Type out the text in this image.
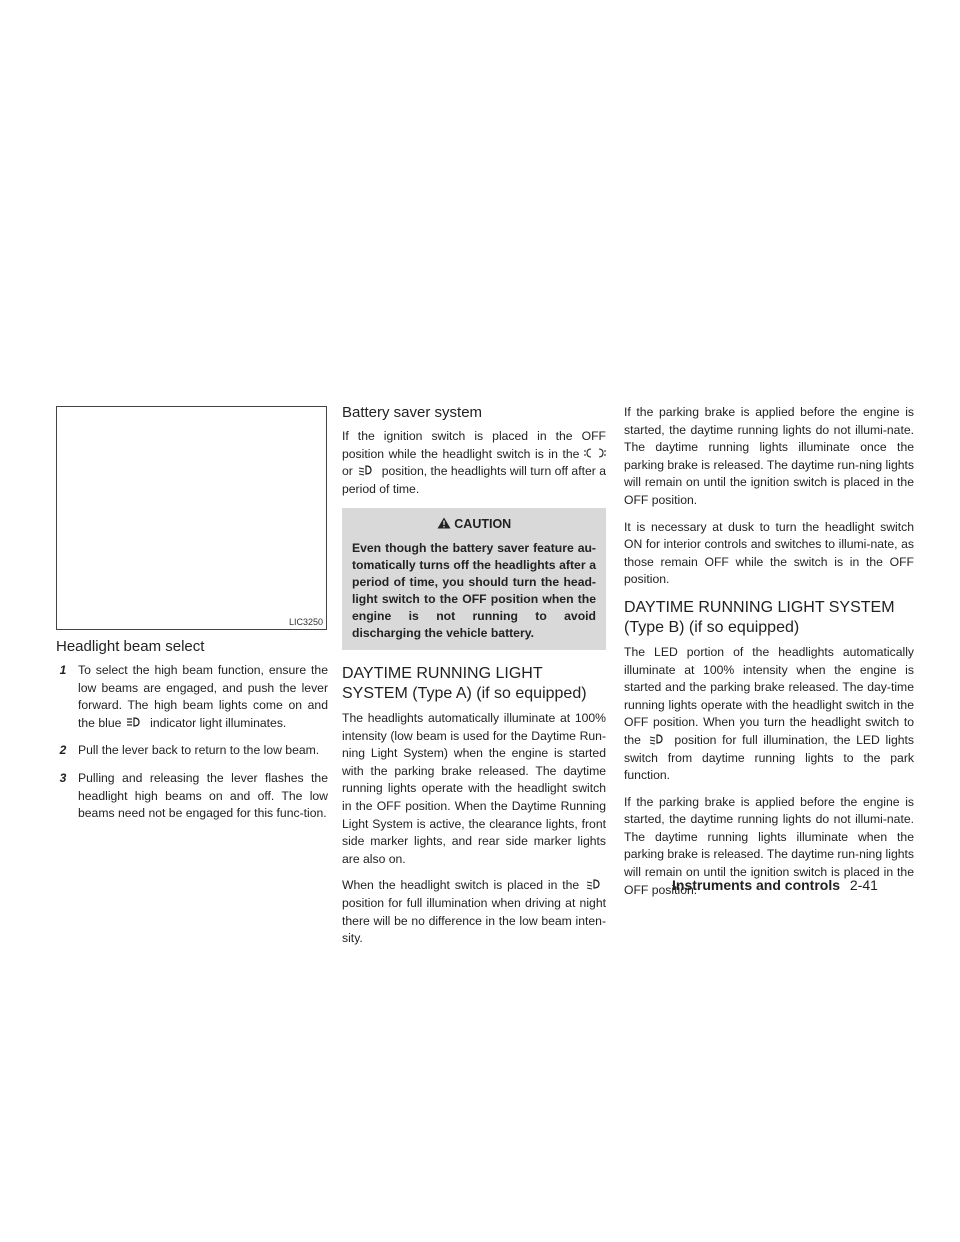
LIC3250
Headlight beam select
1 To select the high beam function, ensure the low beams are engaged, and push the lever forward. The high beam lights come on and the blue indicator light illuminates.
2 Pull the lever back to return to the low beam.
3 Pulling and releasing the lever flashes the headlight high beams on and off. The low beams need not be engaged for this func-tion.
Battery saver system

If the ignition switch is placed in the OFF position while the headlight switch is in the  or position, the headlights will turn off after a period of time.

CAUTION
Even though the battery saver feature au-tomatically turns off the headlights after a period of time, you should turn the head-light switch to the OFF position when the engine is not running to avoid discharging the vehicle battery.
DAYTIME RUNNING LIGHT SYSTEM (Type A) (if so equipped)

The headlights automatically illuminate at 100% intensity (low beam is used for the Daytime Run-ning Light System) when the engine is started with the parking brake released. The daytime running lights operate with the headlight switch in the OFF position. When the Daytime Running Light System is active, the clearance lights, front side marker lights, and rear side marker lights are also on.

When the headlight switch is placed in the  position for full illumination when driving at night there will be no difference in the low beam inten-sity.

If the parking brake is applied before the engine is started, the daytime running lights do not illumi-nate. The daytime running lights illuminate once the parking brake is released. The daytime run-ning lights will remain on until the ignition switch is placed in the OFF position.

It is necessary at dusk to turn the headlight switch ON for interior controls and switches to illumi-nate, as those remain OFF while the switch is in the OFF position.

DAYTIME RUNNING LIGHT SYSTEM (Type B) (if so equipped)

The LED portion of the headlights automatically illuminate at 100% intensity when the engine is started and the parking brake released. The day-time running lights operate with the headlight switch in the OFF position. When you turn the headlight switch to the	position for full illumination, the LED lights switch from daytime running lights to the park function.

If the parking brake is applied before the engine is started, the daytime running lights do not illumi-nate. The daytime running lights illuminate when the parking brake is released. The daytime run-ning lights will remain on until the ignition switch is placed in the OFF position.

Instruments and controls 2-41
